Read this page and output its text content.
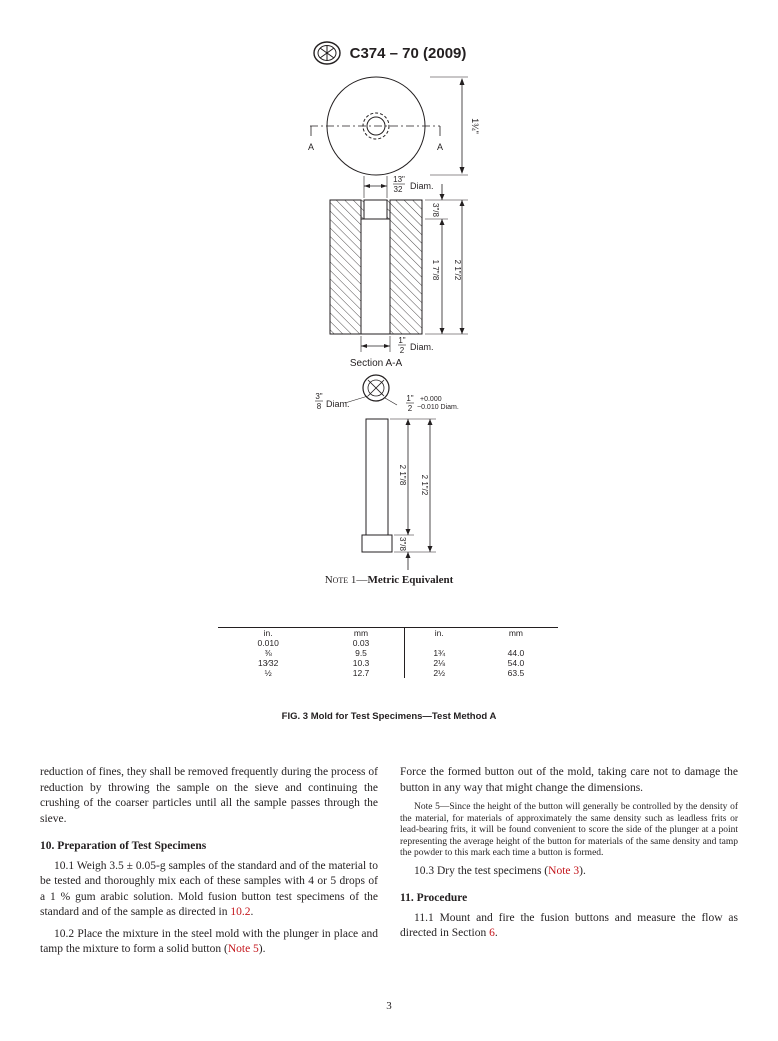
C374 – 70 (2009)
A	A
1¾"
13"
32 Diam.
3"/8
1 7"/8 2 1"/2
1"
2 Diam.
Section A-A
3"
8 Diam.
1"
2
+0.000
−0.010 Diam.
2 1"/8 2 1"/2
3"/8
Note 1—Metric Equivalent
in.	mm	in.	mm
0.010	0.03		
⅜	9.5	1¾	44.0
13⁄32	10.3	2⅛	54.0
½	12.7	2½	63.5
FIG. 3 Mold for Test Specimens—Test Method A

reduction of fines, they shall be removed frequently during the process of reduction by throwing the sample on the sieve and continuing the crushing of the coarser particles until all the sample passes through the sieve.

10. Preparation of Test Specimens

10.1 Weigh 3.5 ± 0.05-g samples of the standard and of the material to be tested and thoroughly mix each of these samples with 4 or 5 drops of a 1 % gum arabic solution. Mold fusion button test specimens of the standard and of the sample as directed in 10.2.

10.2 Place the mixture in the steel mold with the plunger in place and tamp the mixture to form a solid button (Note 5).

Force the formed button out of the mold, taking care not to damage the button in any way that might change the dimensions.

Note 5—Since the height of the button will generally be controlled by the density of the material, for materials of approximately the same density such as leadless frits or lead-bearing frits, it will be found convenient to score the side of the plunger at a point representing the average height of the button for materials of the same density and tamp the powder to this mark each time a button is formed.

10.3 Dry the test specimens (Note 3).

11. Procedure

11.1 Mount and fire the fusion buttons and measure the flow as directed in Section 6.

3
